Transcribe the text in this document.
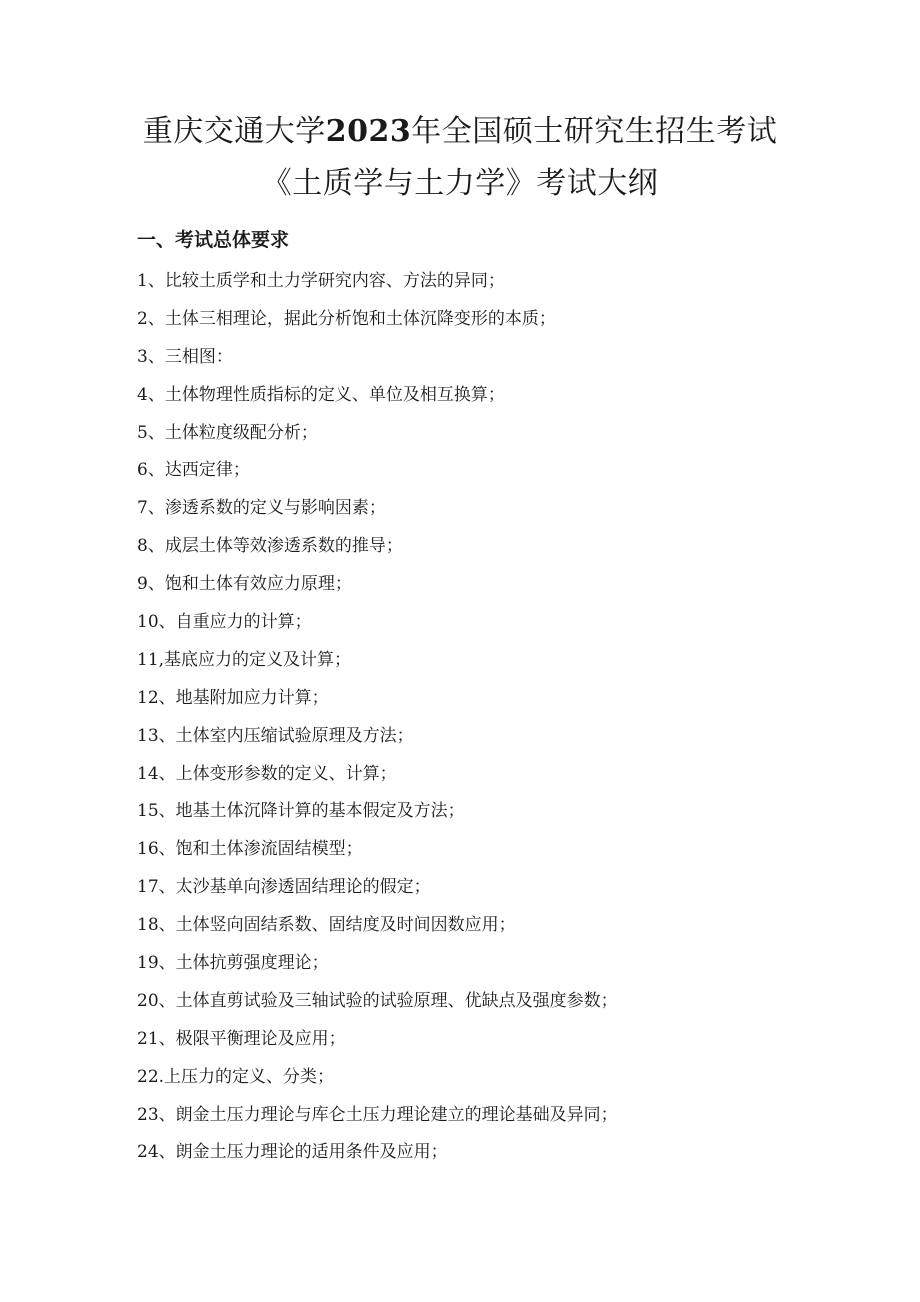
重庆交通大学2023年全国硕士研究生招生考试
《土质学与土力学》考试大纲
一、考试总体要求
1、比较土质学和土力学研究内容、方法的异同；
2、土体三相理论，据此分析饱和土体沉降变形的本质；
3、三相图：
4、土体物理性质指标的定义、单位及相互换算；
5、土体粒度级配分析；
6、达西定律；
7、渗透系数的定义与影响因素；
8、成层土体等效渗透系数的推导；
9、饱和土体有效应力原理；
10、自重应力的计算；
11,基底应力的定义及计算；
12、地基附加应力计算；
13、土体室内压缩试验原理及方法；
14、上体变形参数的定义、计算；
15、地基土体沉降计算的基本假定及方法；
16、饱和土体渗流固结模型；
17、太沙基单向渗透固结理论的假定；
18、土体竖向固结系数、固结度及时间因数应用；
19、土体抗剪强度理论；
20、土体直剪试验及三轴试验的试验原理、优缺点及强度参数；
21、极限平衡理论及应用；
22.上压力的定义、分类；
23、朗金土压力理论与库仑土压力理论建立的理论基础及异同；
24、朗金土压力理论的适用条件及应用；
